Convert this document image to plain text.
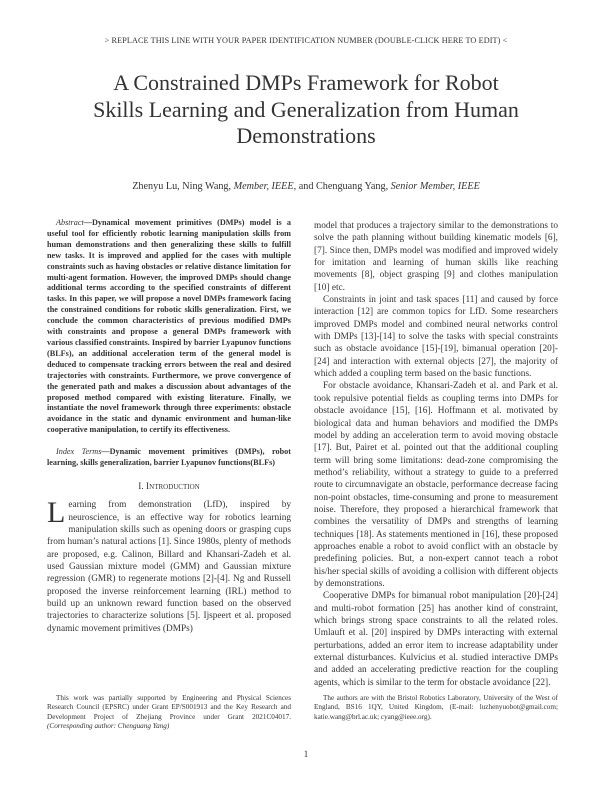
> REPLACE THIS LINE WITH YOUR PAPER IDENTIFICATION NUMBER (DOUBLE-CLICK HERE TO EDIT) <
A Constrained DMPs Framework for Robot
Skills Learning and Generalization from Human
Demonstrations
Zhenyu Lu, Ning Wang, Member, IEEE, and Chenguang Yang, Senior Member, IEEE

Abstract—Dynamical movement primitives (DMPs) model is a useful tool for efficiently robotic learning manipulation skills from human demonstrations and then generalizing these skills to fulfill new tasks. It is improved and applied for the cases with multiple constraints such as having obstacles or relative distance limitation for multi-agent formation. However, the improved DMPs should change additional terms according to the specified constraints of different tasks. In this paper, we will propose a novel DMPs framework facing the constrained conditions for robotic skills generalization. First, we conclude the common characteristics of previous modified DMPs with constraints and propose a general DMPs framework with various classified constraints. Inspired by barrier Lyapunov functions (BLFs), an additional acceleration term of the general model is deduced to compensate tracking errors between the real and desired trajectories with constraints. Furthermore, we prove convergence of the generated path and makes a discussion about advantages of the proposed method compared with existing literature. Finally, we instantiate the novel framework through three experiments: obstacle avoidance in the static and dynamic environment and human-like cooperative manipulation, to certify its effectiveness.

Index Terms—Dynamic movement primitives (DMPs), robot learning, skills generalization, barrier Lyapunov functions(BLFs)
I. Introduction

Learning from demonstration (LfD), inspired by neuroscience, is an effective way for robotics learning manipulation skills such as opening doors or grasping cups from human’s natural actions [1]. Since 1980s, plenty of methods are proposed, e.g. Calinon, Billard and Khansari-Zadeh et al. used Gaussian mixture model (GMM) and Gaussian mixture regression (GMR) to regenerate motions [2]-[4]. Ng and Russell proposed the inverse reinforcement learning (IRL) method to build up an unknown reward function based on the observed trajectories to characterize solutions [5]. Ijspeert et al. proposed dynamic movement primitives (DMPs)

model that produces a trajectory similar to the demonstrations to solve the path planning without building kinematic models [6], [7]. Since then, DMPs model was modified and improved widely for imitation and learning of human skills like reaching movements [8], object grasping [9] and clothes manipulation [10] etc.

Constraints in joint and task spaces [11] and caused by force interaction [12] are common topics for LfD. Some researchers improved DMPs model and combined neural networks control with DMPs [13]-[14] to solve the tasks with special constraints such as obstacle avoidance [15]-[19], bimanual operation [20]-[24] and interaction with external objects [27], the majority of which added a coupling term based on the basic functions.

For obstacle avoidance, Khansari-Zadeh et al. and Park et al. took repulsive potential fields as coupling terms into DMPs for obstacle avoidance [15], [16]. Hoffmann et al. motivated by biological data and human behaviors and modified the DMPs model by adding an acceleration term to avoid moving obstacle [17]. But, Pairet et al. pointed out that the additional coupling term will bring some limitations: dead-zone compromising the method’s reliability, without a strategy to guide to a preferred route to circumnavigate an obstacle, performance decrease facing non-point obstacles, time-consuming and prone to measurement noise. Therefore, they proposed a hierarchical framework that combines the versatility of DMPs and strengths of learning techniques [18]. As statements mentioned in [16], these proposed approaches enable a robot to avoid conflict with an obstacle by predefining policies. But, a non-expert cannot teach a robot his/her special skills of avoiding a collision with different objects by demonstrations.

Cooperative DMPs for bimanual robot manipulation [20]-[24] and multi-robot formation [25] has another kind of constraint, which brings strong space constraints to all the related roles. Umlauft et al. [20] inspired by DMPs interacting with external perturbations, added an error item to increase adaptability under external disturbances. Kulvicius et al. studied interactive DMPs and added an accelerating predictive reaction for the coupling agents, which is similar to the term for obstacle avoidance [22].

This work was partially supported by Engineering and Physical Sciences Research Council (EPSRC) under Grant EP/S001913 and the Key Research and Development Project of Zhejiang Province under Grant 2021C04017. (Corresponding author: Chenguang Yang)

The authors are with the Bristol Robotics Laboratory, University of the West of England, BS16 1QY, United Kingdom, (E-mail: luzhenyuobot@gmail.com; katie.wang@brl.ac.uk; cyang@ieee.org).

1
